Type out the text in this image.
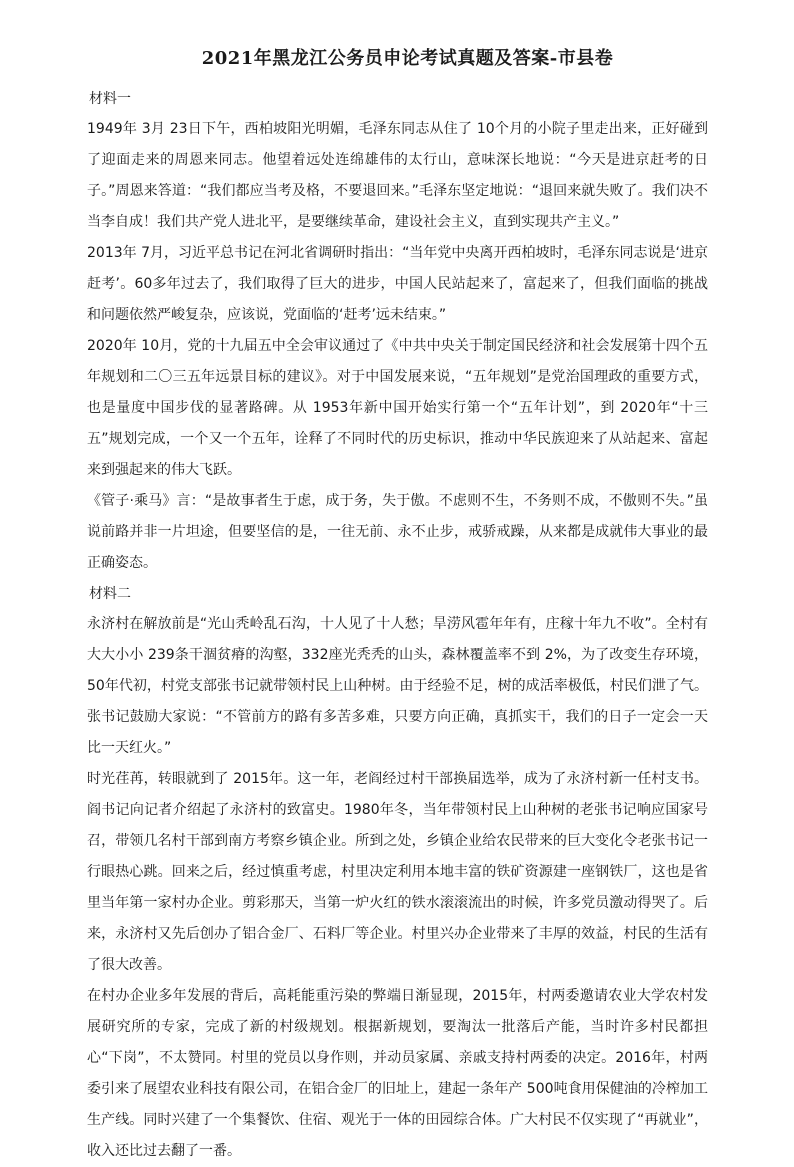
2021年黑龙江公务员申论考试真题及答案-市县卷

材料一

1949年 3月 23日下午，西柏坡阳光明媚，毛泽东同志从住了 10个月的小院子里走出来，正好碰到了迎面走来的周恩来同志。他望着远处连绵雄伟的太行山，意味深长地说：“今天是进京赶考的日子。”周恩来答道：“我们都应当考及格，不要退回来。”毛泽东坚定地说：“退回来就失败了。我们决不当李自成！我们共产党人进北平，是要继续革命，建设社会主义，直到实现共产主义。”

2013年 7月，习近平总书记在河北省调研时指出：“当年党中央离开西柏坡时，毛泽东同志说是‘进京赶考’。60多年过去了，我们取得了巨大的进步，中国人民站起来了，富起来了，但我们面临的挑战和问题依然严峻复杂，应该说，党面临的‘赶考’远未结束。”

2020年 10月，党的十九届五中全会审议通过了《中共中央关于制定国民经济和社会发展第十四个五年规划和二〇三五年远景目标的建议》。对于中国发展来说，“五年规划”是党治国理政的重要方式，也是量度中国步伐的显著路碑。从 1953年新中国开始实行第一个“五年计划”，到 2020年“十三五”规划完成，一个又一个五年，诠释了不同时代的历史标识，推动中华民族迎来了从站起来、富起来到强起来的伟大飞跃。

《管子·乘马》言：“是故事者生于虑，成于务，失于傲。不虑则不生，不务则不成，不傲则不失。”虽说前路并非一片坦途，但要坚信的是，一往无前、永不止步，戒骄戒躁，从来都是成就伟大事业的最正确姿态。

材料二

永济村在解放前是“光山秃岭乱石沟，十人见了十人愁；旱涝风雹年年有，庄稼十年九不收”。全村有大大小小 239条干涸贫瘠的沟壑，332座光秃秃的山头，森林覆盖率不到 2%，为了改变生存环境，50年代初，村党支部张书记就带领村民上山种树。由于经验不足，树的成活率极低，村民们泄了气。张书记鼓励大家说：“不管前方的路有多苦多难，只要方向正确，真抓实干，我们的日子一定会一天比一天红火。”

时光荏苒，转眼就到了 2015年。这一年，老阎经过村干部换届选举，成为了永济村新一任村支书。阎书记向记者介绍起了永济村的致富史。1980年冬，当年带领村民上山种树的老张书记响应国家号召，带领几名村干部到南方考察乡镇企业。所到之处，乡镇企业给农民带来的巨大变化令老张书记一行眼热心跳。回来之后，经过慎重考虑，村里决定利用本地丰富的铁矿资源建一座钢铁厂，这也是省里当年第一家村办企业。剪彩那天，当第一炉火红的铁水滚滚流出的时候，许多党员激动得哭了。后来，永济村又先后创办了铝合金厂、石料厂等企业。村里兴办企业带来了丰厚的效益，村民的生活有了很大改善。

在村办企业多年发展的背后，高耗能重污染的弊端日渐显现，2015年，村两委邀请农业大学农村发展研究所的专家，完成了新的村级规划。根据新规划，要淘汰一批落后产能，当时许多村民都担心“下岗”，不太赞同。村里的党员以身作则，并动员家属、亲戚支持村两委的决定。2016年，村两委引来了展望农业科技有限公司，在铝合金厂的旧址上，建起一条年产 500吨食用保健油的冷榨加工生产线。同时兴建了一个集餐饮、住宿、观光于一体的田园综合体。广大村民不仅实现了“再就业”，收入还比过去翻了一番。
